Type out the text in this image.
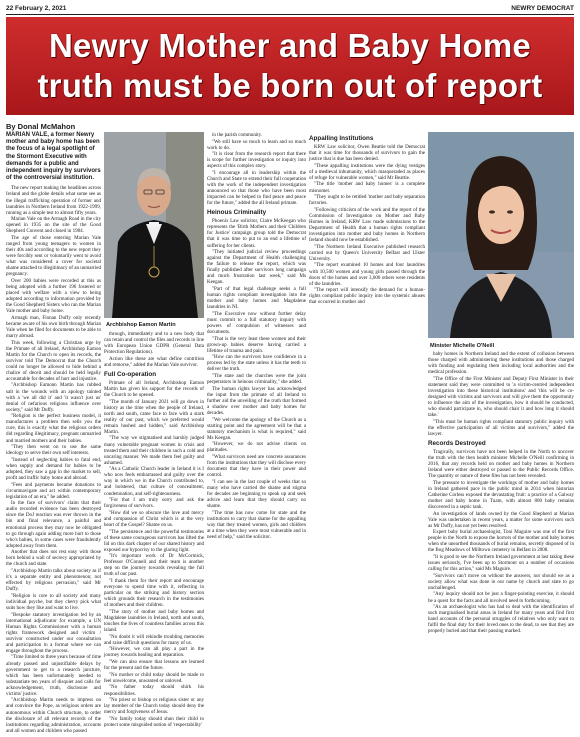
22 February 2, 2021	NEWRY DEMOCRAT
Newry Mother and Baby Home
truth must be born out of report
By Donal McMahon
MARIAN VALE, a former Newry mother and baby home has been the focus of a legal spotlight of the Stormont Executive with demands for a public and independent inquiry by survivors of the controversial institution.

The new report making the headlines across Ireland and the globe details what some see as the illegal trafficking operation of former and laundries in Northern Ireland from 1922-1999, running as a simple test to almost fifty years.

Marian Vale on the Armagh Road in the city opened in 1935 on the site of the Good Shepherd Convent and closed in 1984.

The age of those entering Marian Vale ranged from young teenagers to women in their 40s and according to the new report they were forcibly sent or voluntarily went to avoid what was considered a cover for societal shame attached to illegitimacy of an unmarried pregnancy.

Over 200 babies were recorded at this as being adopted with a further 196 fostered or placed with welfare with a view to being adopted according to information provided by the Good Shepherd Sisters who ran the Marian Vale mother and baby home.

Armagh man, Fionan Duffy only recently became aware of his own birth through Marian Vale when he filed for documents to be able to marry abroad.

This week, following a Christian urge by the Primate of all Ireland, Archbishop Eamon Martin for the Church to open its records, the survivor told The Democrat that the Church could no longer be allowed to hide behind a chalice of deceit and should be held legally accountable for decades of hurt and injustice.

"Archbishop Eamonn Martin has rubbed salt in the wounds with an apology tainted with a 'we all did it' and 'it wasn't just us' denial of nefarious religious influence over society," said Mr Duffy.

"Religion is the perfect business model, it manufactures a problem then sells you the cure, this is exactly what the religious orders did regarding illegitimacy, pregnant unmarried and married mothers and their babies.

"They then went on to use the same ideology to serve their own self interests.

"Instead of neglecting babies to fatal end, when supply and demand for babies to be adopted, they saw a gap in the market to sell, profit and traffic baby home and abroad.

"Fees and payments became donations to circumnavigate and act within contemporary legislation of an era," he added.

In the face of survivors' claim that their audio recorded evidence has been destroyed since the DoJ reaction was ever thrown in the bin and final relevance, a painful and emotional process they may now be obligated to go through again adding more hurt to those who's babies, in some cases were fraudulently adopted away from them.

Another that does not rest easy with those born behind a wall of secrecy appropriated by the church and state.

"Archbishop Martin talks about society as if it's a separate entity and phenomenon; not effected by religious pervasion," said Mr Duffy.

"Religion is core to all society and many individual psyche, but they cherry pick what suits how they like and want to live.

"Bespoke statutory investigation led by an international adjudicator for example, a UN Human Rights Commissioner with a human rights framework designed and victim / survivor constructed under our consultation and participation in a format where we can engage throughout the process.

"Time limited to three years because of time already passed and unjustifiable delays by government to get to a research juncture, which has been unfortunately needed to substantiate ten years of disquiet and calls for acknowledgement, truth, disclosure and victims' justice.

"Archbishop Martin needs to impress on and convince the Pope, as religious orders are autonomous within Church structure, to order the disclosure of all relevant records of the institutions regarding administration, accounts and all women and children who passed

Archbishop Eamon Martin

through, immediately and to a new body that can retain and control the files and records in line with European Union GDPR (General Data Protection Regulations).

Action like these are what define contrition and remorse," added the Marian Vale survivor.

Full Co-operation

Primate of all Ireland, Archbishop Eamon Martin has given his support for the records of the Church to be opened.

"The month of January 2021 will go down in history as the time when the people of Ireland, north and south, came face to face with a stark reality of our past, which we preferred would remain hushed and hidden," said Archbishop Martin.

"The way we stigmatised and harshly judged many vulnerable pregnant women in crisis and treated them and their children in such a cold and uncaring manner. We made them feel guilty and ashamed.

"As a Catholic Church leader in Ireland it is I who now feels embarrassed and guilty over the way in which we in the Church contributed to, and bolstered, that culture of concealment, condemnation, and self-righteousness.

"For that I am truly sorry and ask the forgiveness of survivors.

"How did we so obscure the love and mercy and compassion of Christ which is at the very heart of the Gospel? Shame on us.

"The persistence and the powerful testimonies of these same courageous survivors has lifted the lid on this dark chapter of our shared history and exposed our hypocrisy to the glaring light.

"It's important work of Dr McCormick, Professor O'Connell and their team is another step on the journey towards revealing the full truth of our past.

"I thank them for their report and encourage everyone to spend time with it, reflecting in particular on the striking and history section which grounds their research in the testimonies of mothers and their children.

"The story of mother and baby homes and Magdalene laundries in Ireland, north and south, touches the lives of countless families across this island.

"No doubt it will rekindle troubling memories and raise difficult questions for many of us.

"However, we can all play a part in the journey towards healing and reparation.

"We can also ensure that lessons are learned for the present and the future.

"No mother or child today should be made to feel unwelcome, unwanted or unloved.

"No father today should shirk his responsibilities.

"No priest or bishop or religious sister or any lay member of the Church today should deny the mercy and forgiveness of Jesus.

"No family today should shun their child to protect some misguided notion of 'respectability'

in the parish community.

"We still have so much to learn and so much work to do.

"It is clear from the research report that there is scope for further investigation or inquiry into aspects of this complex story.

"I encourage all in leadership within the Church and State to extend their full cooperation with the work of the independent investigation announced so that those who have been most impacted can be helped to find peace and peace for the future," added the all Ireland primate.

Heinous Criminality

Phoenix Law solicitor, Claire McKeegan who represents the 'Birth Mothers and their Children for Justice' campaign group told the Democrat that it was time to put to an end a lifetime of suffering for her clients.

"They initiated judicial review proceedings against the Department of Health challenging the failure to release the report, which was finally published after survivors long campaign and much frustration last week," said Ms Keegan.

"Part of that legal challenge seeks a full human rights compliant investigation into the mother and baby homes and Magdalene laundries in NI.

"The Executive now without further delay must commit to a full statutory inquiry with powers of compulsion of witnesses and documents.

"That is the very least these women and their grown-up babies deserve having carried a lifetime of trauma and pain.

"How can the survivors have confidence in a process led by the state unless it has the teeth to deliver the truth.

"The state and the churches were the joint perpetrators in heinous criminality," she added.

The human rights lawyer has acknowledged the input from the primate of all Ireland to further aid the unveiling of the truth that formed a shadow over mother and baby homes for decades.

"We welcome the apology of the Church as a starting point and the agreement will be that a statutory mechanism is what is required," said Ms Keegan.

"However, we do not advise clients on platitudes.

"What survivors need are concrete assurances from the institutions that they will disclose every document that they have in their power and control.

"I can see in the last couple of weeks that so many who have carried the shame and stigma for decades are beginning to speak up and seek advice and learn that they should carry no shame.

"The time has now come for state and the institutions to carry that shame for the appalling way that they treated women, girls and children at a time when they were most vulnerable and in need of help," said the solicitor.

Appalling Institutions

KRW Law solicitor, Owen Beattie told the Democrat that it was time for thousands of survivors to gain the justice that is due has been denied.

"These appalling institutions were the dying vestiges of a medieval inhumanity, which masqueraded as places of refuge for vulnerable women," said Mr Beattie.

"The title 'mother and baby homes' is a complete misnomer.

"They ought to be retitled 'mother and baby separation factories.

"Following criticism of the work and the report of the Commission of Investigation on Mother and Baby Homes in Ireland, KRW Law made submissions to the Department of Health that a human rights compliant investigation into mother and baby homes in Northern Ireland should now be established.

"The Northern Ireland Executive published research carried out by Queen's University Belfast and Ulster University.

"The report examined 10 homes and four laundries with 10,500 women and young girls passed through the doors of the homes and over 3,000 others were residents of the laundries.

"The report will intensify the demand for a human-rights compliant public inquiry into the systemic abuses that occurred in mother and

Minister Michelle O'Neill

baby homes in Northern Ireland and the extent of collusion between those charged with administering these institutions and those charged with funding and regulating them including local authorities and the medical profession.

"The Office of the First Minister and Deputy First Minister in their statement said they were committed to 'a victim-centred independent investigation into these historical institutions' and 'this will be co-designed with victims and survivors and will give them the opportunity to influence the aim of the investigation, how it should be conducted, who should participate in, who should chair it and how long it should take.'

"This must be human rights compliant statutory public inquiry with the effective participation of all victims and survivors," added the lawyer.

Records Destroyed

Tragically, survivors have not been helped in the North to uncover the truth with the then health minister Michelle O'Neill confirming in 2016, that any records held on mother and baby homes in Northern Ireland were either destroyed or passed to the Public Records Office. The quantity or nature of these files has not been revealed.

The pressure to investigate the workings of mother and baby homes in Ireland gathered pace in the public mind in 2014 when historian Catherine Corless exposed the devastating fruit: a practice of a Galway mother and baby home in Tuam, with almost 800 baby remains discovered in a septic tank.

An investigation of lands owned by the Good Shepherd at Marian Vale was undertaken in recent years, a matter for some survivors such as Mr Duffy, has not yet been resolved.

Expert baby burial archaeologist, Toni Maguire was one of the first people in the North to expose the horrors of the mother and baby homes when she unearthed thousands of burial remains, secretly disposed of in the Bog Meadows of Milltown cemetery in Belfast in 2008.

"It is good to see the Northern Ireland government at last taking these issues seriously, I've been up to Stormont on a number of occasions calling for this action," said Ms Maguire.

"Survivors can't move on without the answers, nor should we as a society allow what was done in our name by church and state to go unchallenged.

"Any inquiry should not be just a finger-pointing exercise, it should be a quest for the facts and all involved need to forthcoming.

"As an archaeologist who has had to deal with the identification of such marginalised burial areas in Ireland for many years and find first hand accounts of the personal struggles of relatives who only want to fulfil the final duty for their loved ones to the dead, to see that they are properly buried and that their passing marked.
